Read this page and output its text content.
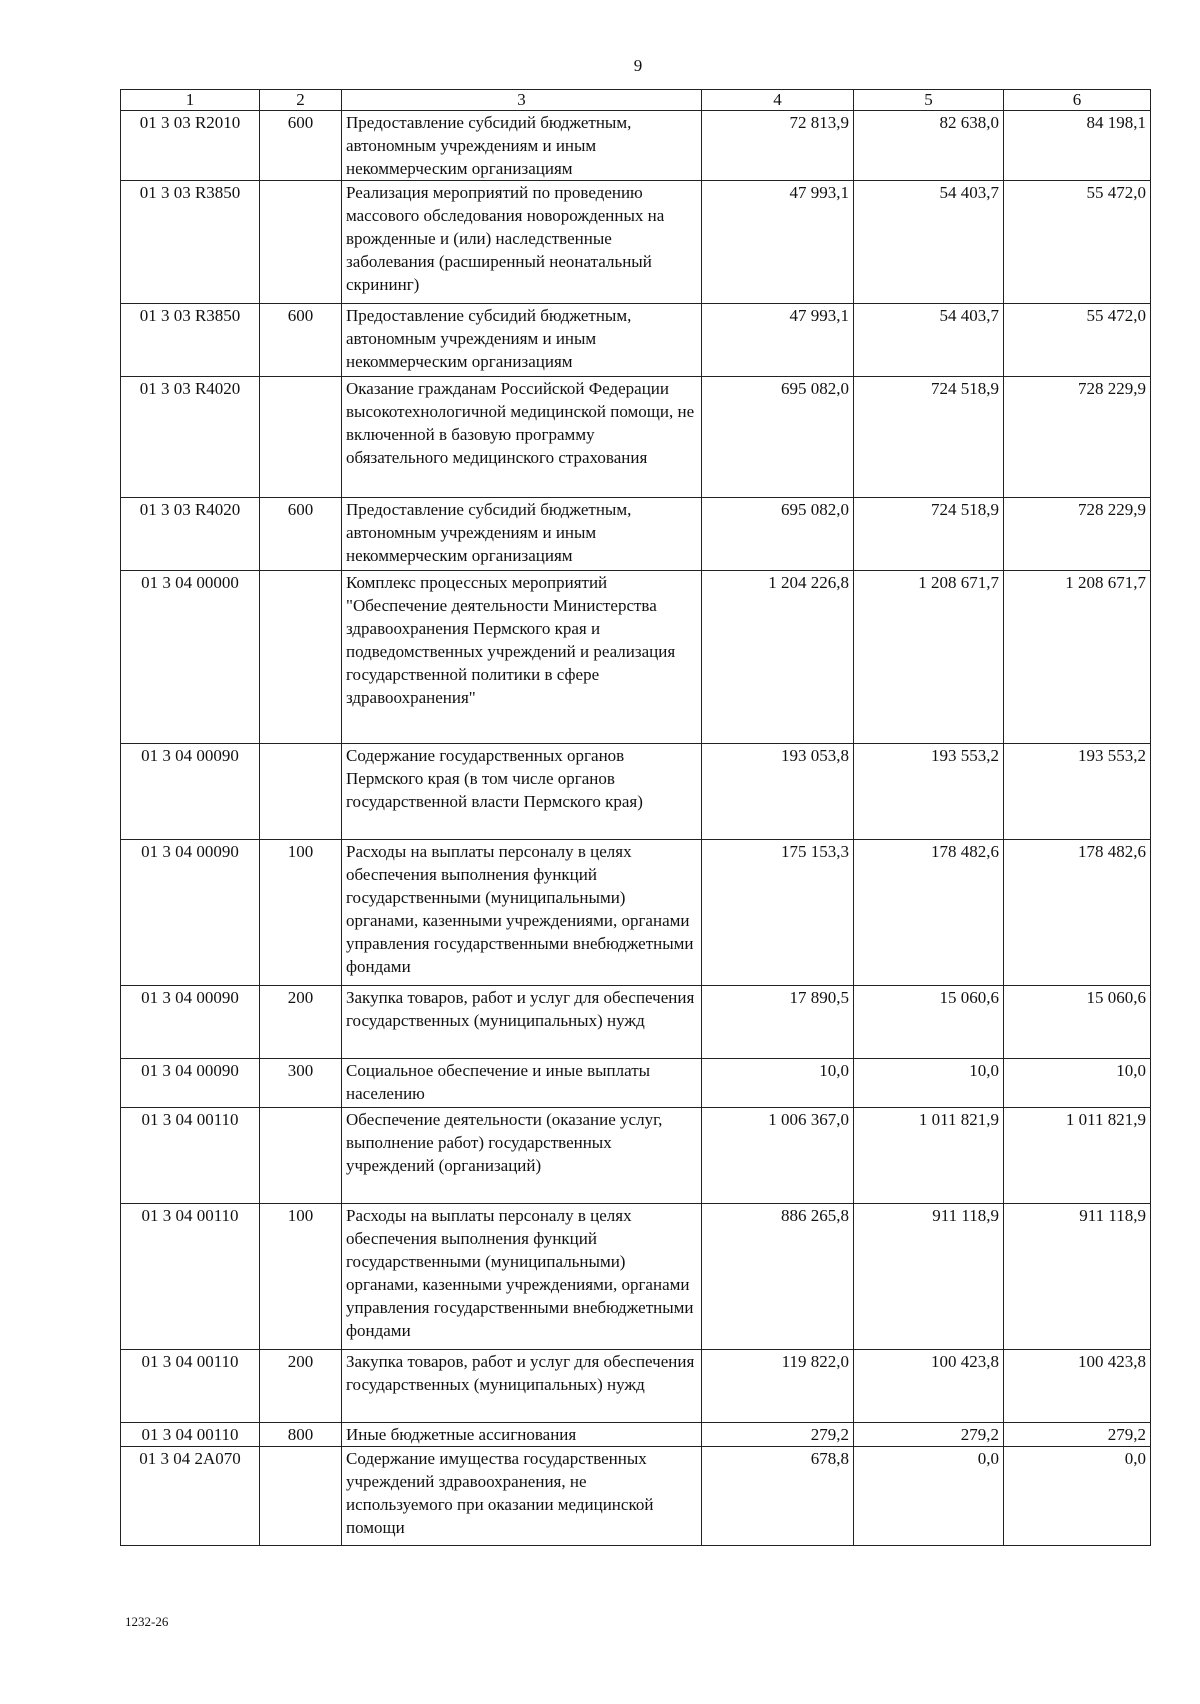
9
1	2	3	4	5	6
01 3 03 R2010	600	Предоставление субсидий бюджетным, автономным учреждениям и иным некоммерческим организациям	72 813,9	82 638,0	84 198,1
01 3 03 R3850		Реализация мероприятий по проведению массового обследования новорожденных на врожденные и (или) наследственные заболевания (расширенный неонатальный скрининг)	47 993,1	54 403,7	55 472,0
01 3 03 R3850	600	Предоставление субсидий бюджетным, автономным учреждениям и иным некоммерческим организациям	47 993,1	54 403,7	55 472,0
01 3 03 R4020		Оказание гражданам Российской Федерации высокотехнологичной медицинской помощи, не включенной в базовую программу обязательного медицинского страхования	695 082,0	724 518,9	728 229,9
01 3 03 R4020	600	Предоставление субсидий бюджетным, автономным учреждениям и иным некоммерческим организациям	695 082,0	724 518,9	728 229,9
01 3 04 00000		Комплекс процессных мероприятий "Обеспечение деятельности Министерства здравоохранения Пермского края и подведомственных учреждений и реализация государственной политики в сфере здравоохранения"	1 204 226,8	1 208 671,7	1 208 671,7
01 3 04 00090		Содержание государственных органов Пермского края (в том числе органов государственной власти Пермского края)	193 053,8	193 553,2	193 553,2
01 3 04 00090	100	Расходы на выплаты персоналу в целях обеспечения выполнения функций государственными (муниципальными) органами, казенными учреждениями, органами управления государственными внебюджетными фондами	175 153,3	178 482,6	178 482,6
01 3 04 00090	200	Закупка товаров, работ и услуг для обеспечения государственных (муниципальных) нужд	17 890,5	15 060,6	15 060,6
01 3 04 00090	300	Социальное обеспечение и иные выплаты населению	10,0	10,0	10,0
01 3 04 00110		Обеспечение деятельности (оказание услуг, выполнение работ) государственных учреждений (организаций)	1 006 367,0	1 011 821,9	1 011 821,9
01 3 04 00110	100	Расходы на выплаты персоналу в целях обеспечения выполнения функций государственными (муниципальными) органами, казенными учреждениями, органами управления государственными внебюджетными фондами	886 265,8	911 118,9	911 118,9
01 3 04 00110	200	Закупка товаров, работ и услуг для обеспечения государственных (муниципальных) нужд	119 822,0	100 423,8	100 423,8
01 3 04 00110	800	Иные бюджетные ассигнования	279,2	279,2	279,2
01 3 04 2А070		Содержание имущества государственных учреждений здравоохранения, не используемого при оказании медицинской помощи	678,8	0,0	0,0
1232-26
